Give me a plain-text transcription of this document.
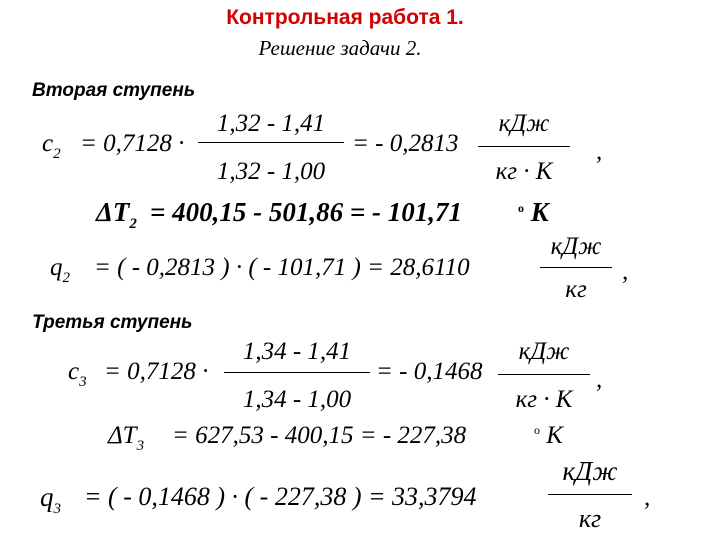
Контрольная работа 1.
Решение задачи 2.
Вторая ступень
$c_2 = 0,7128$ ·
1,32 - 1,41
1,32 - 1,00
= - 0,2813
кДж
кг · К
,
$\Delta T_2 = 400,15 - 501,86$ = - 101,71	$^o$ K
$q_2$ = ( - 0,2813 ) · ( - 101,71 ) = 28,6110
кДж
кг
,
Третья ступень
$c_3 = 0,7128$ ·
1,34 - 1,41
1,34 - 1,00
= - 0,1468
кДж
кг · К
,
$\Delta T_3 = 627,53 - 400,15$ = - 227,38	$^o$ K
$q_3$ = ( - 0,1468 ) · ( - 227,38 ) = 33,3794
кДж
кг
,
